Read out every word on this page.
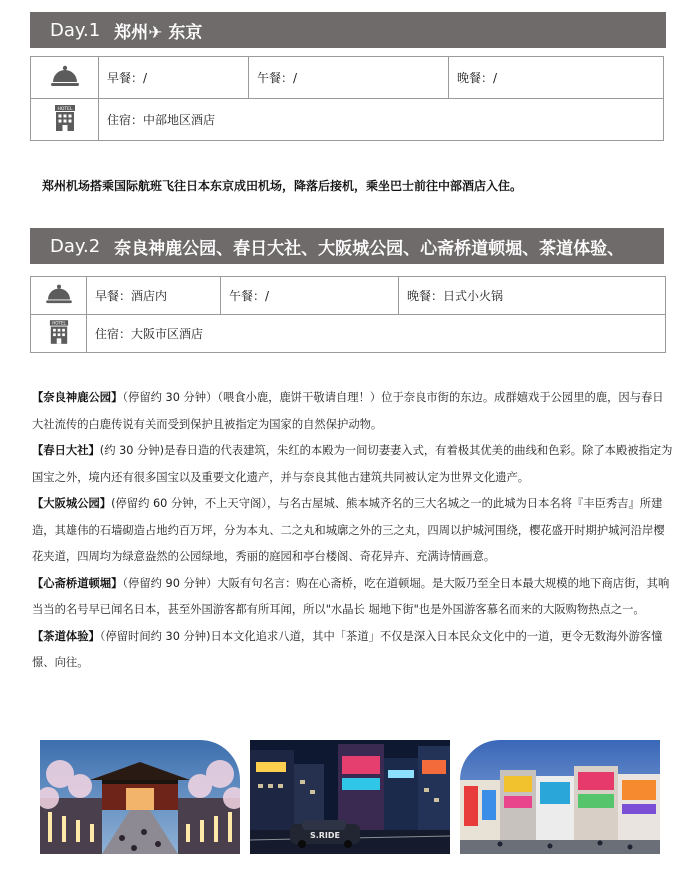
Day.1 郑州✈ 东京
	早餐：/	午餐：/	晚餐：/

HOTEL	住宿：中部地区酒店		
郑州机场搭乘国际航班飞往日本东京成田机场，降落后接机，乘坐巴士前往中部酒店入住。
Day.2 奈良神鹿公园、春日大社、大阪城公园、心斋桥道顿堀、茶道体验、
	早餐：酒店内	午餐：/	晚餐：日式小火锅

HOTEL	住宿：大阪市区酒店		

【奈良神鹿公园】（停留约 30 分钟）（喂食小鹿，鹿饼干敬请自理！）位于奈良市街的东边。成群嬉戏于公园里的鹿，因与春日大社流传的白鹿传说有关而受到保护且被指定为国家的自然保护动物。

【春日大社】(约 30 分钟)是春日造的代表建筑，朱红的本殿为一间切妻妻入式，有着极其优美的曲线和色彩。除了本殿被指定为国宝之外，境内还有很多国宝以及重要文化遗产，并与奈良其他古建筑共同被认定为世界文化遗产。

【大阪城公园】(停留约 60 分钟，不上天守阁），与名古屋城、熊本城齐名的三大名城之一的此城为日本名将『丰臣秀吉』所建造，其雄伟的石墙砌造占地约百万坪，分为本丸、二之丸和城廓之外的三之丸，四周以护城河围绕，樱花盛开时期护城河沿岸樱花夹道，四周均为绿意盎然的公园绿地，秀丽的庭园和亭台楼阁、奇花异卉、充满诗情画意。

【心斋桥道顿堀】（停留约 90 分钟）大阪有句名言：购在心斋桥，吃在道顿堀。是大阪乃至全日本最大规模的地下商店街，其响当当的名号早已闻名日本，甚至外国游客都有所耳闻，所以"水晶长 堀地下街"也是外国游客慕名而来的大阪购物热点之一。

【茶道体验】（停留时间约 30 分钟)日本文化追求八道，其中「茶道」不仅是深入日本民众文化中的一道，更令无数海外游客憧憬、向往。

S.RIDE
